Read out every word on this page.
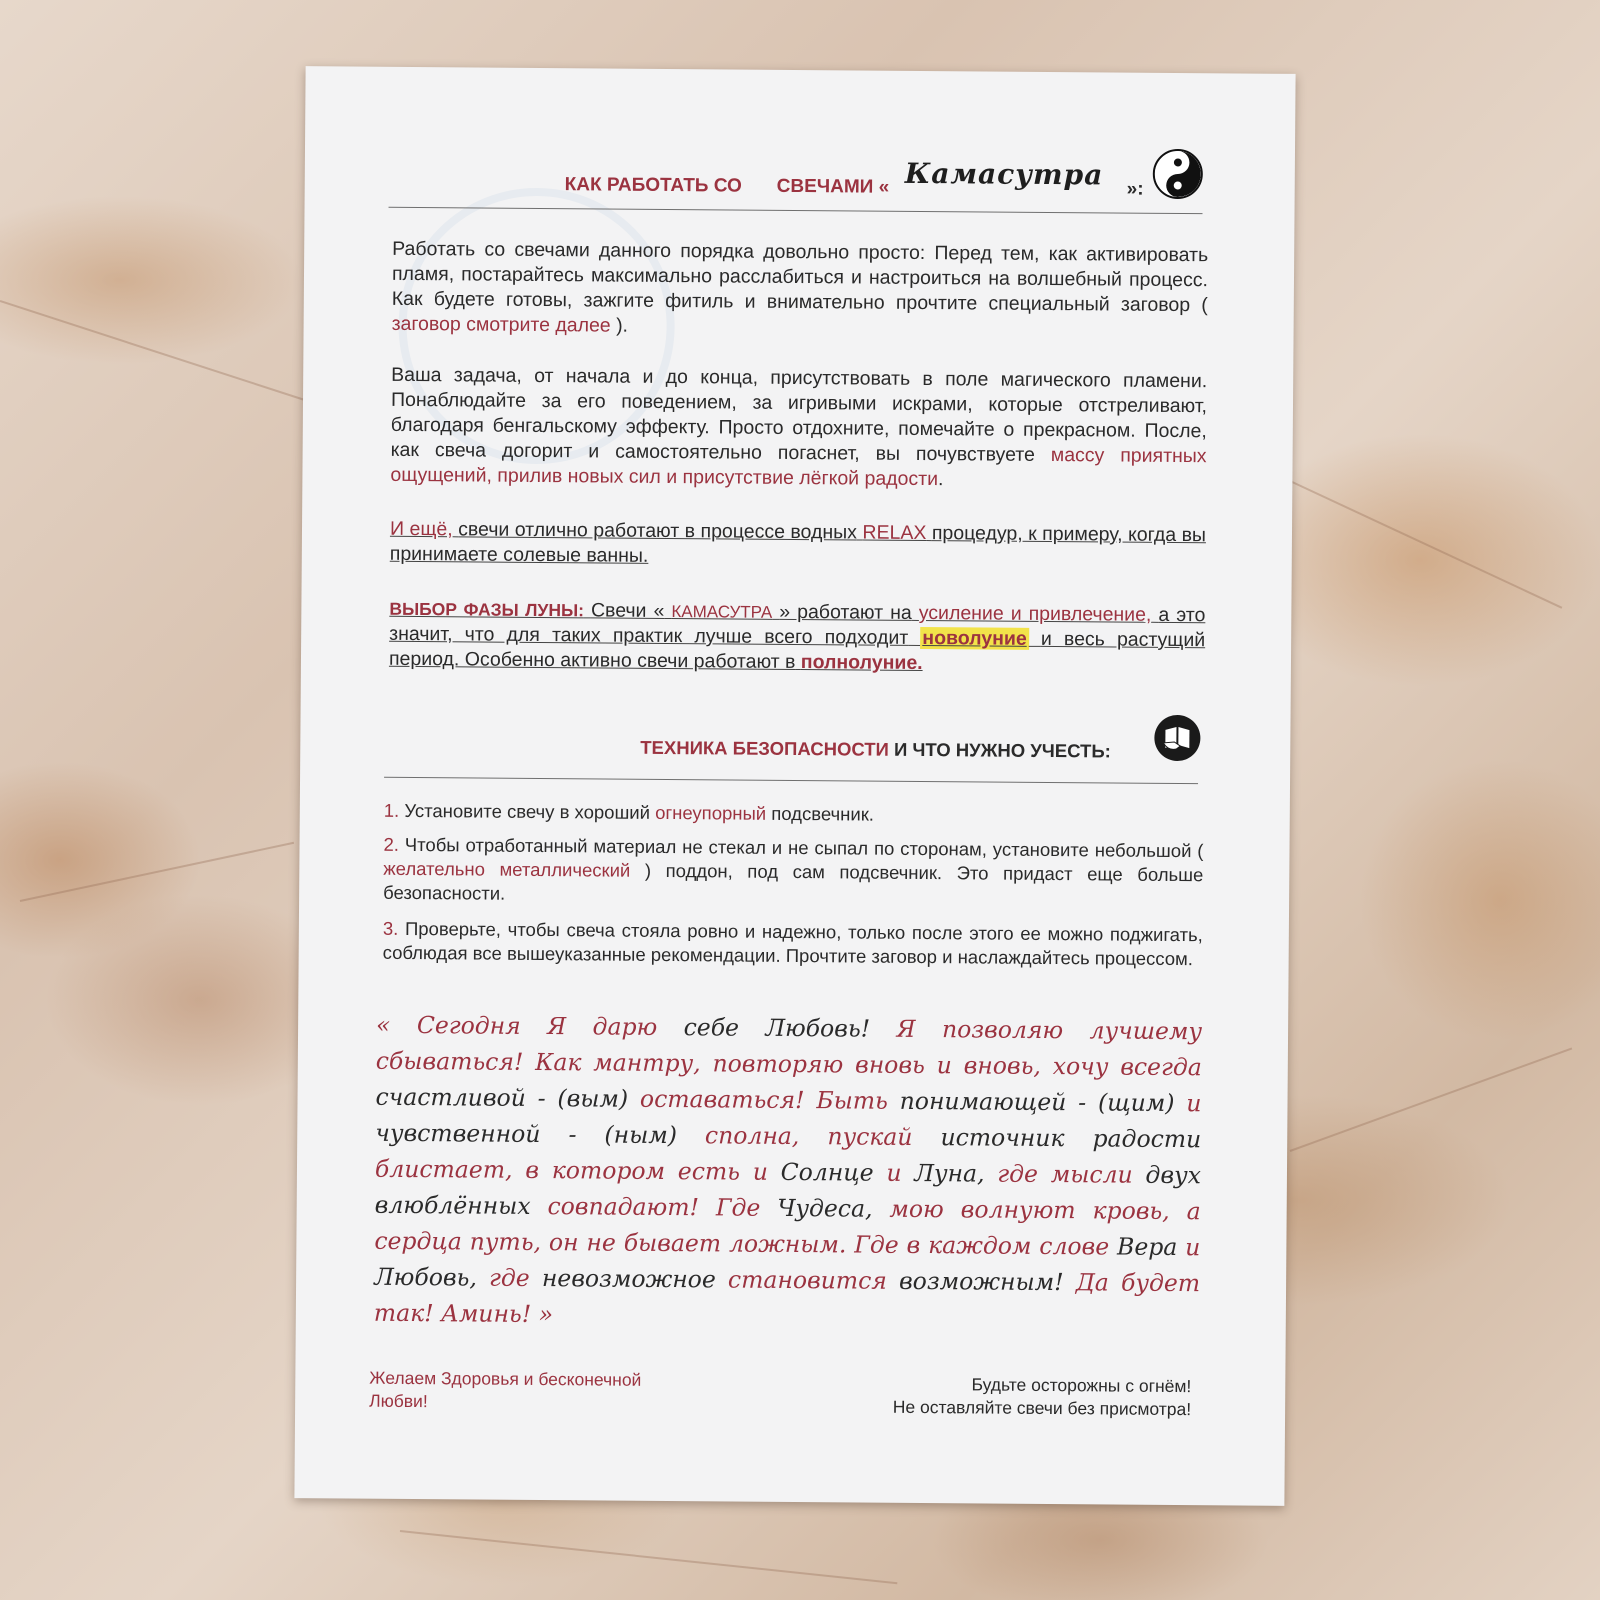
КАК РАБОТАТЬ СО СВЕЧАМИ « Камасутра »:
Работать со свечами данного порядка довольно просто: Перед тем, как активировать пламя, постарайтесь максимально расслабиться и настроиться на волшебный процесс. Как будете готовы, зажгите фитиль и внимательно прочтите специальный заговор ( заговор смотрите далее ).
Ваша задача, от начала и до конца, присутствовать в поле магического пламени. Понаблюдайте за его поведением, за игривыми искрами, которые отстреливают, благодаря бенгальскому эффекту. Просто отдохните, помечайте о прекрасном. После, как свеча догорит и самостоятельно погаснет, вы почувствуете массу приятных ощущений, прилив новых сил и присутствие лёгкой радости.
И ещё, свечи отлично работают в процессе водных RELAX процедур, к примеру, когда вы принимаете солевые ванны.
ВЫБОР ФАЗЫ ЛУНЫ: Свечи « КАМАСУТРА » работают на усиление и привлечение, а это значит, что для таких практик лучше всего подходит новолуние и весь растущий период. Особенно активно свечи работают в полнолуние.
ТЕХНИКА БЕЗОПАСНОСТИ И ЧТО НУЖНО УЧЕСТЬ:
1. Установите свечу в хороший огнеупорный подсвечник.
2. Чтобы отработанный материал не стекал и не сыпал по сторонам, установите небольшой ( желательно металлический ) поддон, под сам подсвечник. Это придаст еще больше безопасности.
3. Проверьте, чтобы свеча стояла ровно и надежно, только после этого ее можно поджигать, соблюдая все вышеуказанные рекомендации. Прочтите заговор и наслаждайтесь процессом.
« Сегодня Я дарю себе Любовь! Я позволяю лучшему сбываться! Как мантру, повторяю вновь и вновь, хочу всегда счастливой - (вым) оставаться! Быть понимающей - (щим) и чувственной - (ным) сполна, пускай источник радости блистает, в котором есть и Солнце и Луна, где мысли двух влюблённых совпадают! Где Чудеса, мою волнуют кровь, а сердца путь, он не бывает ложным. Где в каждом слове Вера и Любовь, где невозможное становится возможным! Да будет так! Аминь! »
Желаем Здоровья и бесконечной Любви!
Будьте осторожны с огнём!
Не оставляйте свечи без присмотра!
